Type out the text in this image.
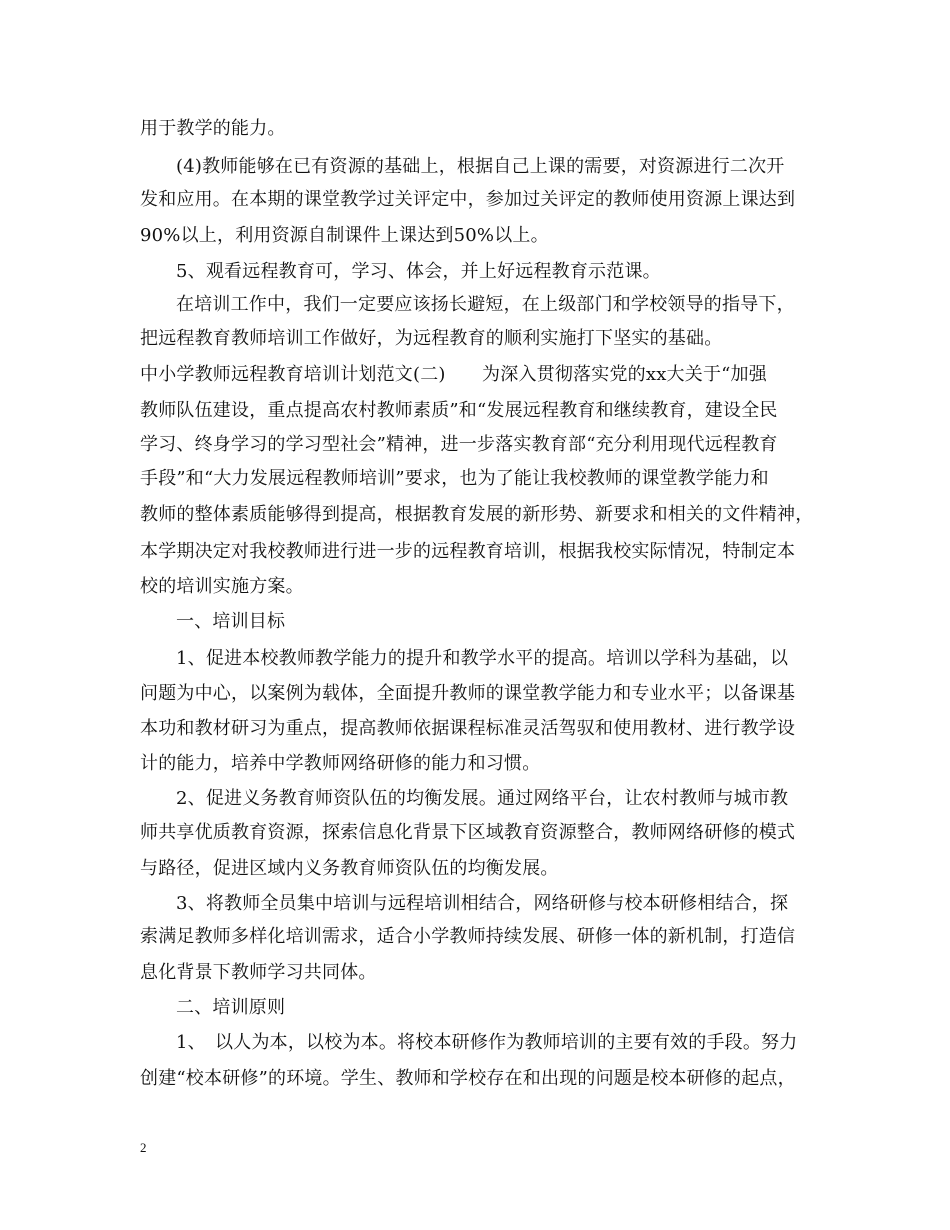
用于教学的能力。
(4)教师能够在已有资源的基础上，根据自己上课的需要，对资源进行二次开
发和应用。在本期的课堂教学过关评定中，参加过关评定的教师使用资源上课达到
90%以上，利用资源自制课件上课达到50%以上。
5、观看远程教育可，学习、体会，并上好远程教育示范课。
在培训工作中，我们一定要应该扬长避短，在上级部门和学校领导的指导下，
把远程教育教师培训工作做好，为远程教育的顺利实施打下坚实的基础。
中小学教师远程教育培训计划范文(二)　　为深入贯彻落实党的xx大关于“加强
教师队伍建设，重点提高农村教师素质”和“发展远程教育和继续教育，建设全民
学习、终身学习的学习型社会”精神，进一步落实教育部“充分利用现代远程教育
手段”和“大力发展远程教师培训”要求，也为了能让我校教师的课堂教学能力和
教师的整体素质能够得到提高，根据教育发展的新形势、新要求和相关的文件精神，
本学期决定对我校教师进行进一步的远程教育培训，根据我校实际情况，特制定本
校的培训实施方案。
一、培训目标
1、促进本校教师教学能力的提升和教学水平的提高。培训以学科为基础，以
问题为中心，以案例为载体，全面提升教师的课堂教学能力和专业水平；以备课基
本功和教材研习为重点，提高教师依据课程标准灵活驾驭和使用教材、进行教学设
计的能力，培养中学教师网络研修的能力和习惯。
2、促进义务教育师资队伍的均衡发展。通过网络平台，让农村教师与城市教
师共享优质教育资源，探索信息化背景下区域教育资源整合，教师网络研修的模式
与路径，促进区域内义务教育师资队伍的均衡发展。
3、将教师全员集中培训与远程培训相结合，网络研修与校本研修相结合，探
索满足教师多样化培训需求，适合小学教师持续发展、研修一体的新机制，打造信
息化背景下教师学习共同体。
二、培训原则
1、　以人为本，以校为本。将校本研修作为教师培训的主要有效的手段。努力
创建“校本研修”的环境。学生、教师和学校存在和出现的问题是校本研修的起点，
2
